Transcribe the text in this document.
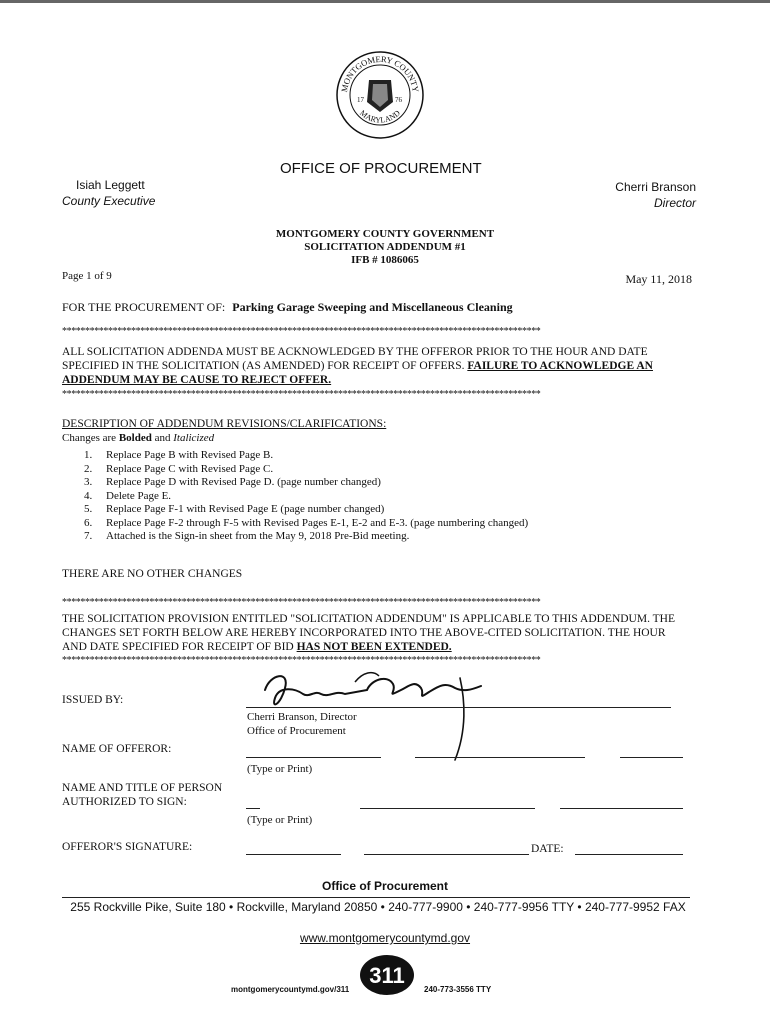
MONTGOMERY COUNTY
MARYLAND
17	76
OFFICE OF PROCUREMENT
Isiah Leggett
County Executive
Cherri Branson
Director
MONTGOMERY COUNTY GOVERNMENT
SOLICITATION ADDENDUM #1
IFB # 1086065
Page 1 of 9	May 11, 2018
FOR THE PROCUREMENT OF: Parking Garage Sweeping and Miscellaneous Cleaning
********************************************************************************************************
ALL SOLICITATION ADDENDA MUST BE ACKNOWLEDGED BY THE OFFEROR PRIOR TO THE HOUR AND DATE SPECIFIED IN THE SOLICITATION (AS AMENDED) FOR RECEIPT OF OFFERS. FAILURE TO ACKNOWLEDGE AN ADDENDUM MAY BE CAUSE TO REJECT OFFER.
********************************************************************************************************
DESCRIPTION OF ADDENDUM REVISIONS/CLARIFICATIONS:
Changes are Bolded and Italicized
1. Replace Page B with Revised Page B.
2. Replace Page C with Revised Page C.
3. Replace Page D with Revised Page D. (page number changed)
4. Delete Page E.
5. Replace Page F-1 with Revised Page E (page number changed)
6. Replace Page F-2 through F-5 with Revised Pages E-1, E-2 and E-3. (page numbering changed)
7. Attached is the Sign-in sheet from the May 9, 2018 Pre-Bid meeting.
THERE ARE NO OTHER CHANGES
********************************************************************************************************
THE SOLICITATION PROVISION ENTITLED "SOLICITATION ADDENDUM" IS APPLICABLE TO THIS ADDENDUM. THE CHANGES SET FORTH BELOW ARE HEREBY INCORPORATED INTO THE ABOVE-CITED SOLICITATION. THE HOUR AND DATE SPECIFIED FOR RECEIPT OF BID HAS NOT BEEN EXTENDED.
********************************************************************************************************
ISSUED BY:
Cherri Branson, Director
Office of Procurement
NAME OF OFFEROR:
(Type or Print)
NAME AND TITLE OF PERSON
AUTHORIZED TO SIGN:
(Type or Print)
OFFEROR'S SIGNATURE:	DATE:
Office of Procurement
255 Rockville Pike, Suite 180 • Rockville, Maryland 20850 • 240-777-9900 • 240-777-9956 TTY • 240-777-9952 FAX
www.montgomerycountymd.gov
311
montgomerycountymd.gov/311	240-773-3556 TTY
